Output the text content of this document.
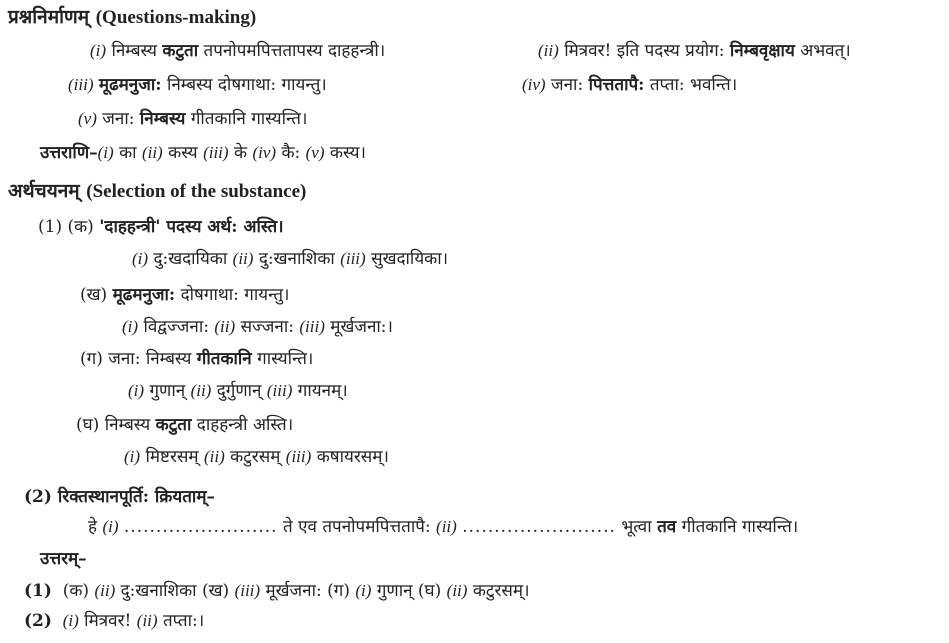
प्रश्ननिर्माणम् (Questions-making)
(i) निम्बस्य कटुता तपनोपमपित्ततापस्य दाहहन्त्री।	(ii) मित्रवर! इति पदस्य प्रयोग: निम्बवृक्षाय अभवत्।
(iii) मूढमनुजा: निम्बस्य दोषगाथा: गायन्तु।	(iv) जना: पित्ततापै: तप्ता: भवन्ति।
(v) जना: निम्बस्य गीतकानि गास्यन्ति।
उत्तराणि–(i) का (ii) कस्य (iii) के (iv) कै: (v) कस्य।
अर्थचयनम् (Selection of the substance)
(1) (क) 'दाहहन्त्री' पदस्य अर्थ: अस्ति।
(i) दु:खदायिका (ii) दु:खनाशिका (iii) सुखदायिका।
(ख) मूढमनुजा: दोषगाथा: गायन्तु।
(i) विद्वज्जना: (ii) सज्जना: (iii) मूर्खजना:।
(ग) जना: निम्बस्य गीतकानि गास्यन्ति।
(i) गुणान् (ii) दुर्गुणान् (iii) गायनम्।
(घ) निम्बस्य कटुता दाहहन्त्री अस्ति।
(i) मिष्टरसम् (ii) कटुरसम् (iii) कषायरसम्।
(2) रिक्तस्थानपूर्ति: क्रियताम्–
हे (i) ........................ ते एव तपनोपमपित्ततापै: (ii) ........................ भूत्वा तव गीतकानि गास्यन्ति।
उत्तरम्–
(1) (क) (ii) दु:खनाशिका (ख) (iii) मूर्खजना: (ग) (i) गुणान् (घ) (ii) कटुरसम्।
(2) (i) मित्रवर! (ii) तप्ता:।
